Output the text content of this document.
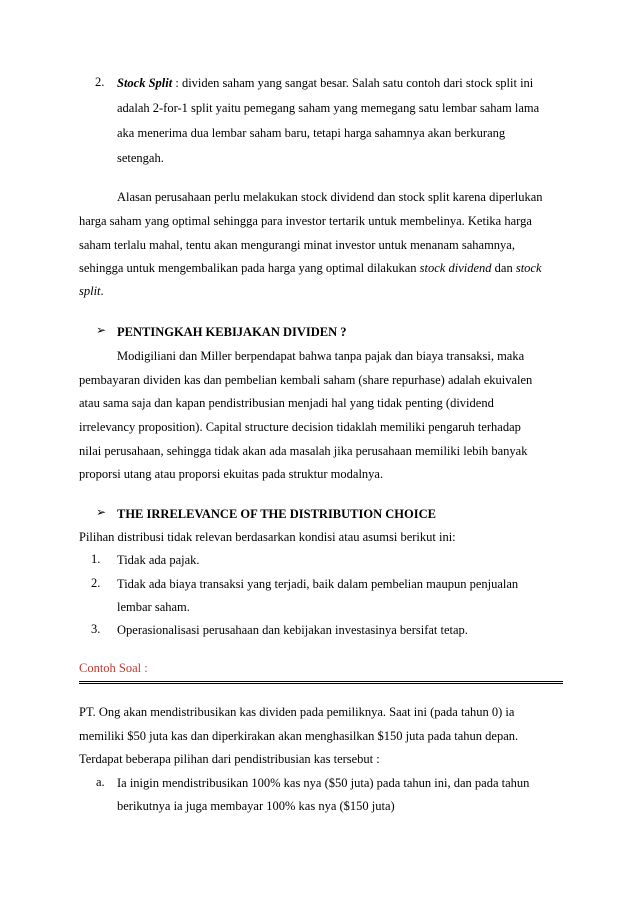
2. Stock Split : dividen saham yang sangat besar. Salah satu contoh dari stock split ini
adalah 2-for-1 split yaitu pemegang saham yang memegang satu lembar saham lama
aka menerima dua lembar saham baru, tetapi harga sahamnya akan berkurang
setengah.
Alasan perusahaan perlu melakukan stock dividend dan stock split karena diperlukan
harga saham yang optimal sehingga para investor tertarik untuk membelinya. Ketika harga
saham terlalu mahal, tentu akan mengurangi minat investor untuk menanam sahamnya,
sehingga untuk mengembalikan pada harga yang optimal dilakukan stock dividend dan stock
split.
➢ PENTINGKAH KEBIJAKAN DIVIDEN ?
Modigiliani dan Miller berpendapat bahwa tanpa pajak dan biaya transaksi, maka
pembayaran dividen kas dan pembelian kembali saham (share repurhase) adalah ekuivalen
atau sama saja dan kapan pendistribusian menjadi hal yang tidak penting (dividend
irrelevancy proposition). Capital structure decision tidaklah memiliki pengaruh terhadap
nilai perusahaan, sehingga tidak akan ada masalah jika perusahaan memiliki lebih banyak
proporsi utang atau proporsi ekuitas pada struktur modalnya.
➢ THE IRRELEVANCE OF THE DISTRIBUTION CHOICE
Pilihan distribusi tidak relevan berdasarkan kondisi atau asumsi berikut ini:
1. Tidak ada pajak.
2. Tidak ada biaya transaksi yang terjadi, baik dalam pembelian maupun penjualan
lembar saham.
3. Operasionalisasi perusahaan dan kebijakan investasinya bersifat tetap.
Contoh Soal :
PT. Ong akan mendistribusikan kas dividen pada pemiliknya. Saat ini (pada tahun 0) ia
memiliki $50 juta kas dan diperkirakan akan menghasilkan $150 juta pada tahun depan.
Terdapat beberapa pilihan dari pendistribusian kas tersebut :
a. Ia inigin mendistribusikan 100% kas nya ($50 juta) pada tahun ini, dan pada tahun
berikutnya ia juga membayar 100% kas nya ($150 juta)
